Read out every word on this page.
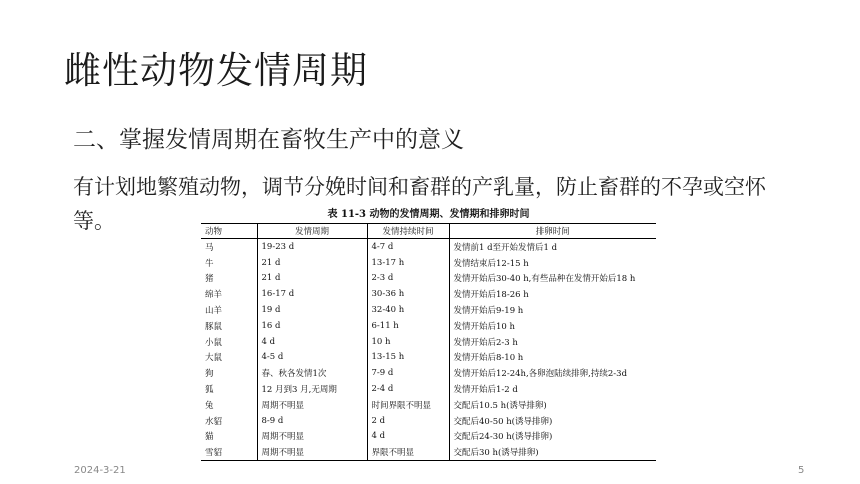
雌性动物发情周期
二、掌握发情周期在畜牧生产中的意义
有计划地繁殖动物，调节分娩时间和畜群的产乳量，防止畜群的不孕或空怀等。	表 11-3 动物的发情周期、发情期和排卵时间
动物	发情周期	发情持续时间	排卵时间
马	19-23 d	4-7 d	发情前1 d至开始发情后1 d
牛	21 d	13-17 h	发情结束后12-15 h
猪	21 d	2-3 d	发情开始后30-40 h,有些品种在发情开始后18 h
绵羊	16-17 d	30-36 h	发情开始后18-26 h
山羊	19 d	32-40 h	发情开始后9-19 h
豚鼠	16 d	6-11 h	发情开始后10 h
小鼠	4 d	10 h	发情开始后2-3 h
大鼠	4-5 d	13-15 h	发情开始后8-10 h
狗	春、秋各发情1次	7-9 d	发情开始后12-24h,各卵泡陆续排卵,持续2-3d
狐	12 月到3 月,无周期	2-4 d	发情开始后1-2 d
兔	周期不明显	时间界限不明显	交配后10.5 h(诱导排卵)
水貂	8-9 d	2 d	交配后40-50 h(诱导排卵)
猫	周期不明显	4 d	交配后24-30 h(诱导排卵)
雪貂	周期不明显	界限不明显	交配后30 h(诱导排卵)
2024-3-21	5
